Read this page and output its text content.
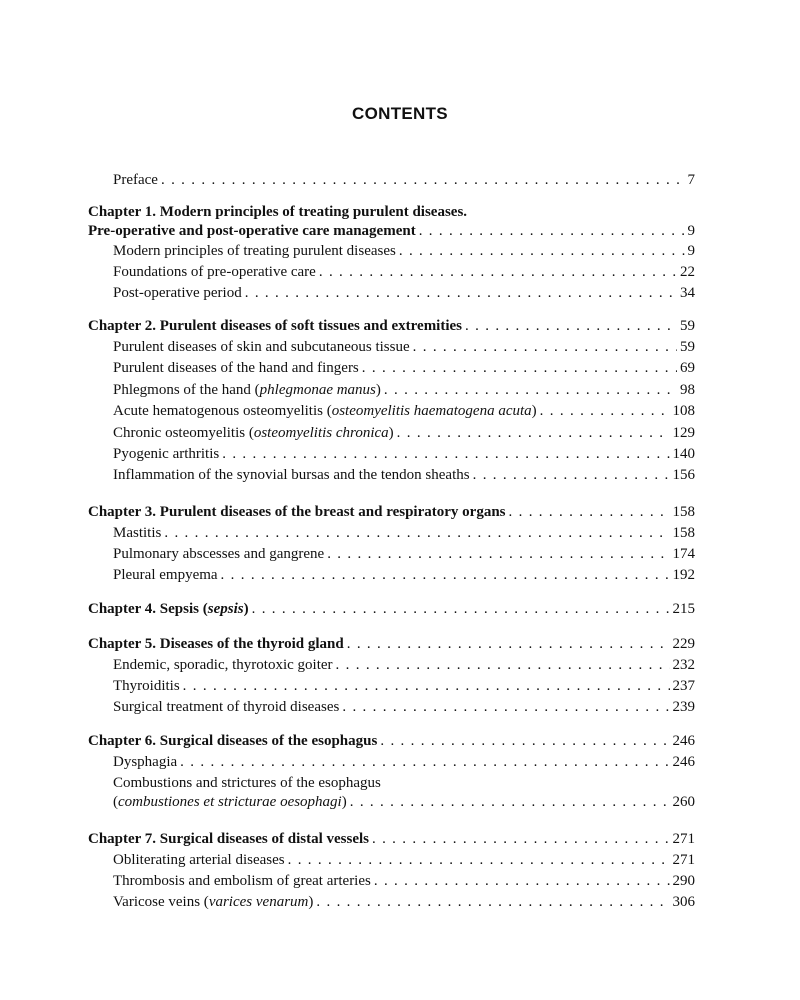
CONTENTS
Preface . . .	7
Chapter 1. Modern principles of treating purulent diseases.
Pre-operative and post-operative care management . . .	9
Modern principles of treating purulent diseases . . .	9
Foundations of pre-operative care . . .	22
Post-operative period . . .	34
Chapter 2. Purulent diseases of soft tissues and extremities . . .	59
Purulent diseases of skin and subcutaneous tissue . . .	59
Purulent diseases of the hand and fingers . . .	69
Phlegmons of the hand (phlegmonae manus) . . .	98
Acute hematogenous osteomyelitis (osteomyelitis haematogena acuta) . . .	108
Chronic osteomyelitis (osteomyelitis chronica) . . .	129
Pyogenic arthritis . . .	140
Inflammation of the synovial bursas and the tendon sheaths . . .	156
Chapter 3. Purulent diseases of the breast and respiratory organs . . .	158
Mastitis . . .	158
Pulmonary abscesses and gangrene . . .	174
Pleural empyema . . .	192
Chapter 4. Sepsis (sepsis) . . .	215
Chapter 5. Diseases of the thyroid gland . . .	229
Endemic, sporadic, thyrotoxic goiter . . .	232
Thyroiditis . . .	237
Surgical treatment of thyroid diseases . . .	239
Chapter 6. Surgical diseases of the esophagus . . .	246
Dysphagia . . .	246
Combustions and strictures of the esophagus
(combustiones et stricturae oesophagi) . . .	260
Chapter 7. Surgical diseases of distal vessels . . .	271
Obliterating arterial diseases . . .	271
Thrombosis and embolism of great arteries . . .	290
Varicose veins (varices venarum) . . .	306
